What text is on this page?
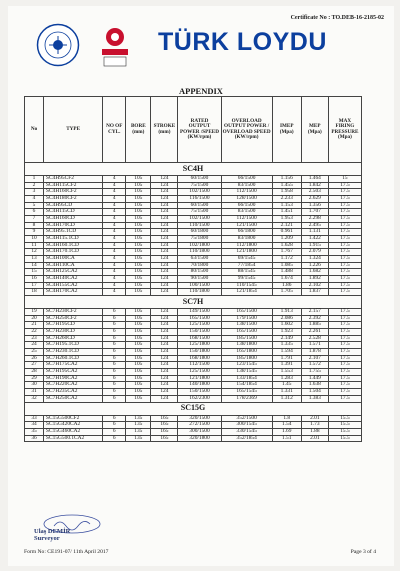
Certificate No : TO.DEB-16-2185-02
TÜRK LOYDU
APPENDIX
No	TYPE	NO OF CYL.	BORE (mm)	STROKE (mm)	RATED OUTPUT POWER /SPEED (KW/rpm)	OVERLOAD OUTPUT POWER / OVERLOAD SPEED (KW/rpm)	IMEP (Mpa)	MEP (Mpa)	MAX FIRING PRESSURE (Mpa)
SC4H									
1	SC4H95CF2	4	105	124	60/1500	66/1500	1.156	1.464	15
2	SC4H115CF2	4	105	124	75/1500	83/1500	1.455	1.842	17.5
3	SC4H160CF2	4	105	124	102/1500	112/1500	1.958	2.503	17.5
4	SC4H180CF2	4	105	124	116/1500	128/1500	2.233	2.629	17.5
5	SC4H95CD	4	105	124	60/1500	66/1500	1.153	1.356	17.5
6	SC4H115CD	4	105	124	75/1500	83/1500	1.451	1.707	17.5
7	SC4H160CD	4	105	124	102/1500	112/1500	1.953	2.298	17.5
8	SC4H170CD	4	105	124	110/1500	121/1500	2.121	2.495	17.5
9	SC4H95.1CD	4	105	124	60/1800	66/1800	0.961	1.131	17.5
10	SC4H115.1CD	4	105	124	75/1800	83/1800	1.209	1.422	17.5
11	SC4H160.1CD	4	105	124	102/1800	112/1800	1.628	1.915	17.5
12	SC4H170.1CD	4	105	124	110/1800	121/1800	1.767	2.079	17.5
13	SC4H100CA	4	105	124	63/1500	69/1545	1.172	1.324	17.5
14	SC4H110CA	4	105	124	70/1800	77/1854	1.085	1.226	17.5
15	SC4H125CA2	4	105	124	80/1500	88/1545	1.488	1.682	17.5
16	SC4H140CA2	4	105	124	90/1500	99/1545	1.674	1.892	17.5
17	SC4H155CA2	4	105	124	100/1500	110/1545	1.86	2.102	17.5
18	SC4H170CA2	4	105	124	110/1800	121/1854	1.705	1.837	17.5
SC7H									
19	SC7H230CF2	6	105	124	149/1500	165/1500	1.913	2.157	17.5
20	SC7H250CF2	6	105	124	165/1500	179/1500	2.086	2.392	17.5
21	SC7H195CD	6	105	124	125/1500	138/1500	1.602	1.885	17.5
22	SC7H230CD	6	105	124	150/1500	165/1500	1.923	2.261	17.5
23	SC7H260CD	6	105	124	168/1500	185/1500	2.149	2.528	17.5
24	SC7H195.1CD	6	105	124	125/1800	138/1800	1.335	1.571	17.5
25	SC7H230.1CD	6	105	124	150/1800	165/1800	1.594	1.878	17.5
26	SC7H260.1CD	6	105	124	168/1800	185/1800	1.791	2.107	17.5
27	SC7H175CA2	6	105	124	112/1500	123/1545	1.391	1.572	17.5
28	SC7H195CA2	6	105	124	125/1500	138/1545	1.553	1.755	17.5
29	SC7H190CA2	6	105	124	121/1800	133/1854	1.283	1.449	17.5
30	SC7H220CA2	6	105	124	140/1800	154/1854	1.45	1.638	17.5
31	SC7H235CA2	6	105	124	150/1500	165/1545	1.331	1.504	17.5
32	SC7H250CA2	6	105	124	162/2300	178/2369	1.312	1.383	17.5
SC15G									
33	SC15G500CF2	6	135	165	320/1500	352/1500	1.8	2.01	15.5
34	SC15G420CA2	6	135	165	272/1500	300/1545	1.54	1.73	15.5
35	SC15G460CA2	6	135	165	300/1500	330/1545	1.69	1.88	15.5
36	SC15G500.1CA2	6	135	165	320/1800	352/1854	1.51	2.01	15.5
Ulaş DEMİR
Surveyor
Form No: CE191-07/ 11th April 2017	Page 3 of 4
